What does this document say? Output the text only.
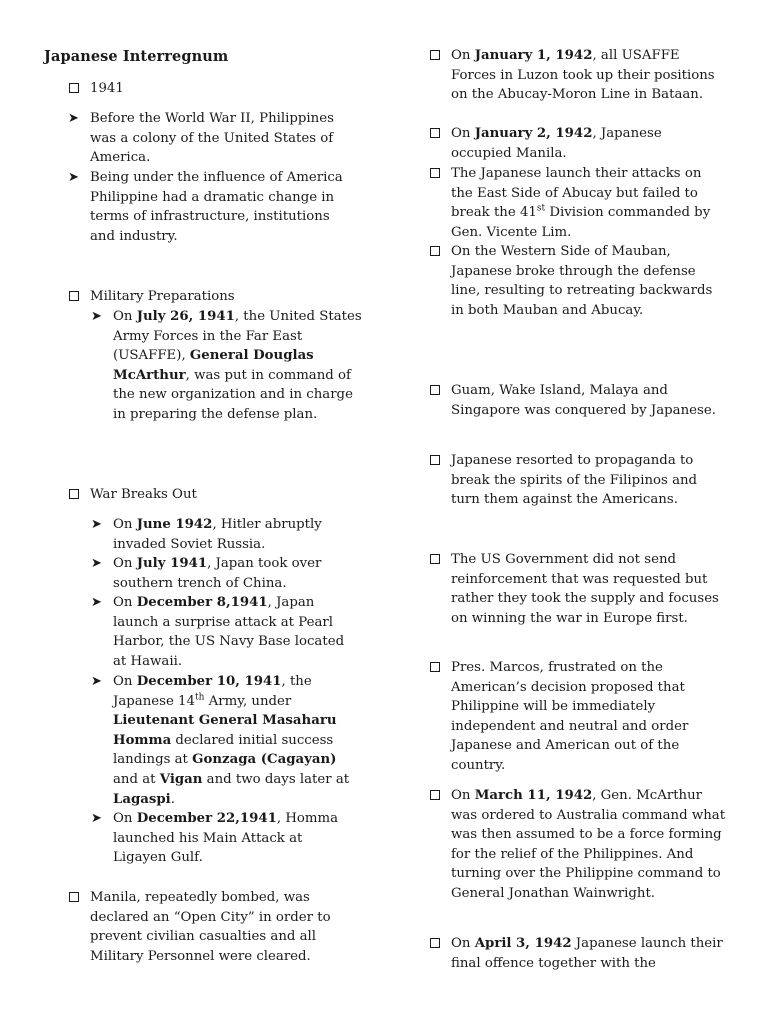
Japanese Interregnum
1941
➤ Before the World War II, Philippines was a colony of the United States of America.
➤ Being under the influence of America Philippine had a dramatic change in terms of infrastructure, institutions and industry.
Military Preparations
➤ On July 26, 1941, the United States Army Forces in the Far East (USAFFE), General Douglas McArthur, was put in command of the new organization and in charge in preparing the defense plan.
War Breaks Out
➤ On June 1942, Hitler abruptly invaded Soviet Russia.
➤ On July 1941, Japan took over southern trench of China.
➤ On December 8,1941, Japan launch a surprise attack at Pearl Harbor, the US Navy Base located at Hawaii.
➤ On December 10, 1941, the Japanese 14th Army, under Lieutenant General Masaharu Homma declared initial success landings at Gonzaga (Cagayan) and at Vigan and two days later at Lagaspi.
➤ On December 22,1941, Homma launched his Main Attack at Ligayen Gulf.
Manila, repeatedly bombed, was declared an “Open City” in order to prevent civilian casualties and all Military Personnel were cleared.
On January 1, 1942, all USAFFE Forces in Luzon took up their positions on the Abucay-Moron Line in Bataan.
On January 2, 1942, Japanese occupied Manila.
The Japanese launch their attacks on the East Side of Abucay but failed to break the 41st Division commanded by Gen. Vicente Lim.
On the Western Side of Mauban, Japanese broke through the defense line, resulting to retreating backwards in both Mauban and Abucay.
Guam, Wake Island, Malaya and Singapore was conquered by Japanese.
Japanese resorted to propaganda to break the spirits of the Filipinos and turn them against the Americans.
The US Government did not send reinforcement that was requested but rather they took the supply and focuses on winning the war in Europe first.
Pres. Marcos, frustrated on the American’s decision proposed that Philippine will be immediately independent and neutral and order Japanese and American out of the country.
On March 11, 1942, Gen. McArthur was ordered to Australia command what was then assumed to be a force forming for the relief of the Philippines. And turning over the Philippine command to General Jonathan Wainwright.
On April 3, 1942 Japanese launch their final offence together with the
